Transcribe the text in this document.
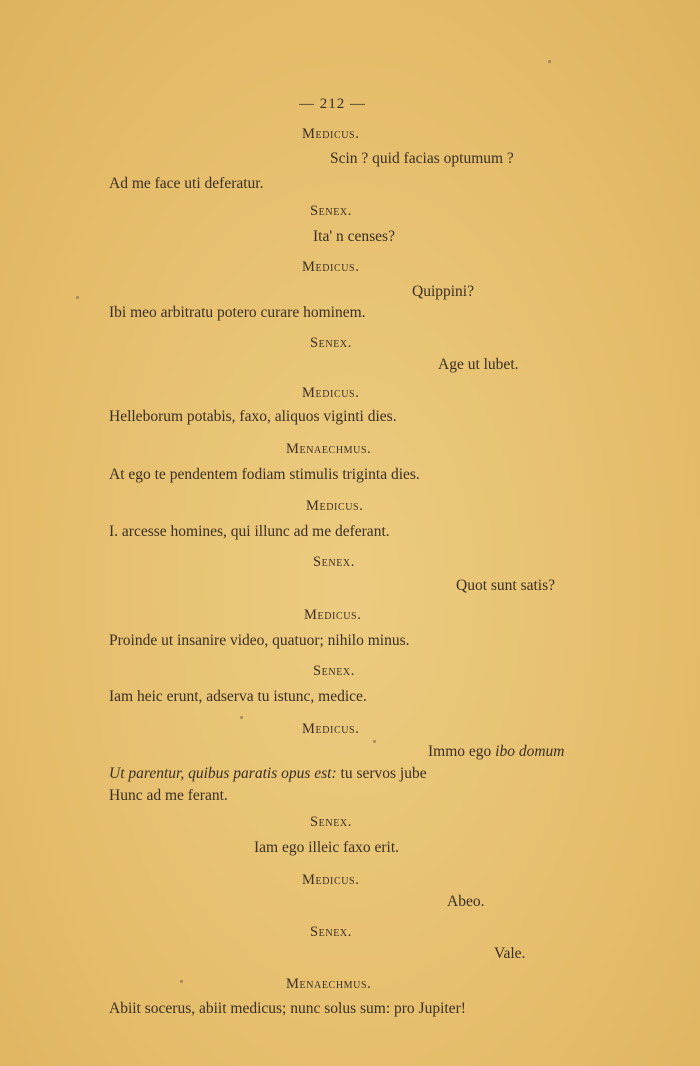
— 212 —
Medicus.
Scin ? quid facias optumum ?
Ad me face uti deferatur.
Senex.
Ita' n censes?
Medicus.
Quippini?
Ibi meo arbitratu potero curare hominem.
Senex.
Age ut lubet.
Medicus.
Helleborum potabis, faxo, aliquos viginti dies.
Menaechmus.
At ego te pendentem fodiam stimulis triginta dies.
Medicus.
I. arcesse homines, qui illunc ad me deferant.
Senex.
Quot sunt satis?
Medicus.
Proinde ut insanire video, quatuor; nihilo minus.
Senex.
Iam heic erunt, adserva tu istunc, medice.
Medicus.
Immo ego ibo domum
Ut parentur, quibus paratis opus est: tu servos jube
Hunc ad me ferant.
Senex.
Iam ego illeic faxo erit.
Medicus.
Abeo.
Senex.
Vale.
Menaechmus.
Abiit socerus, abiit medicus; nunc solus sum: pro Jupiter!
